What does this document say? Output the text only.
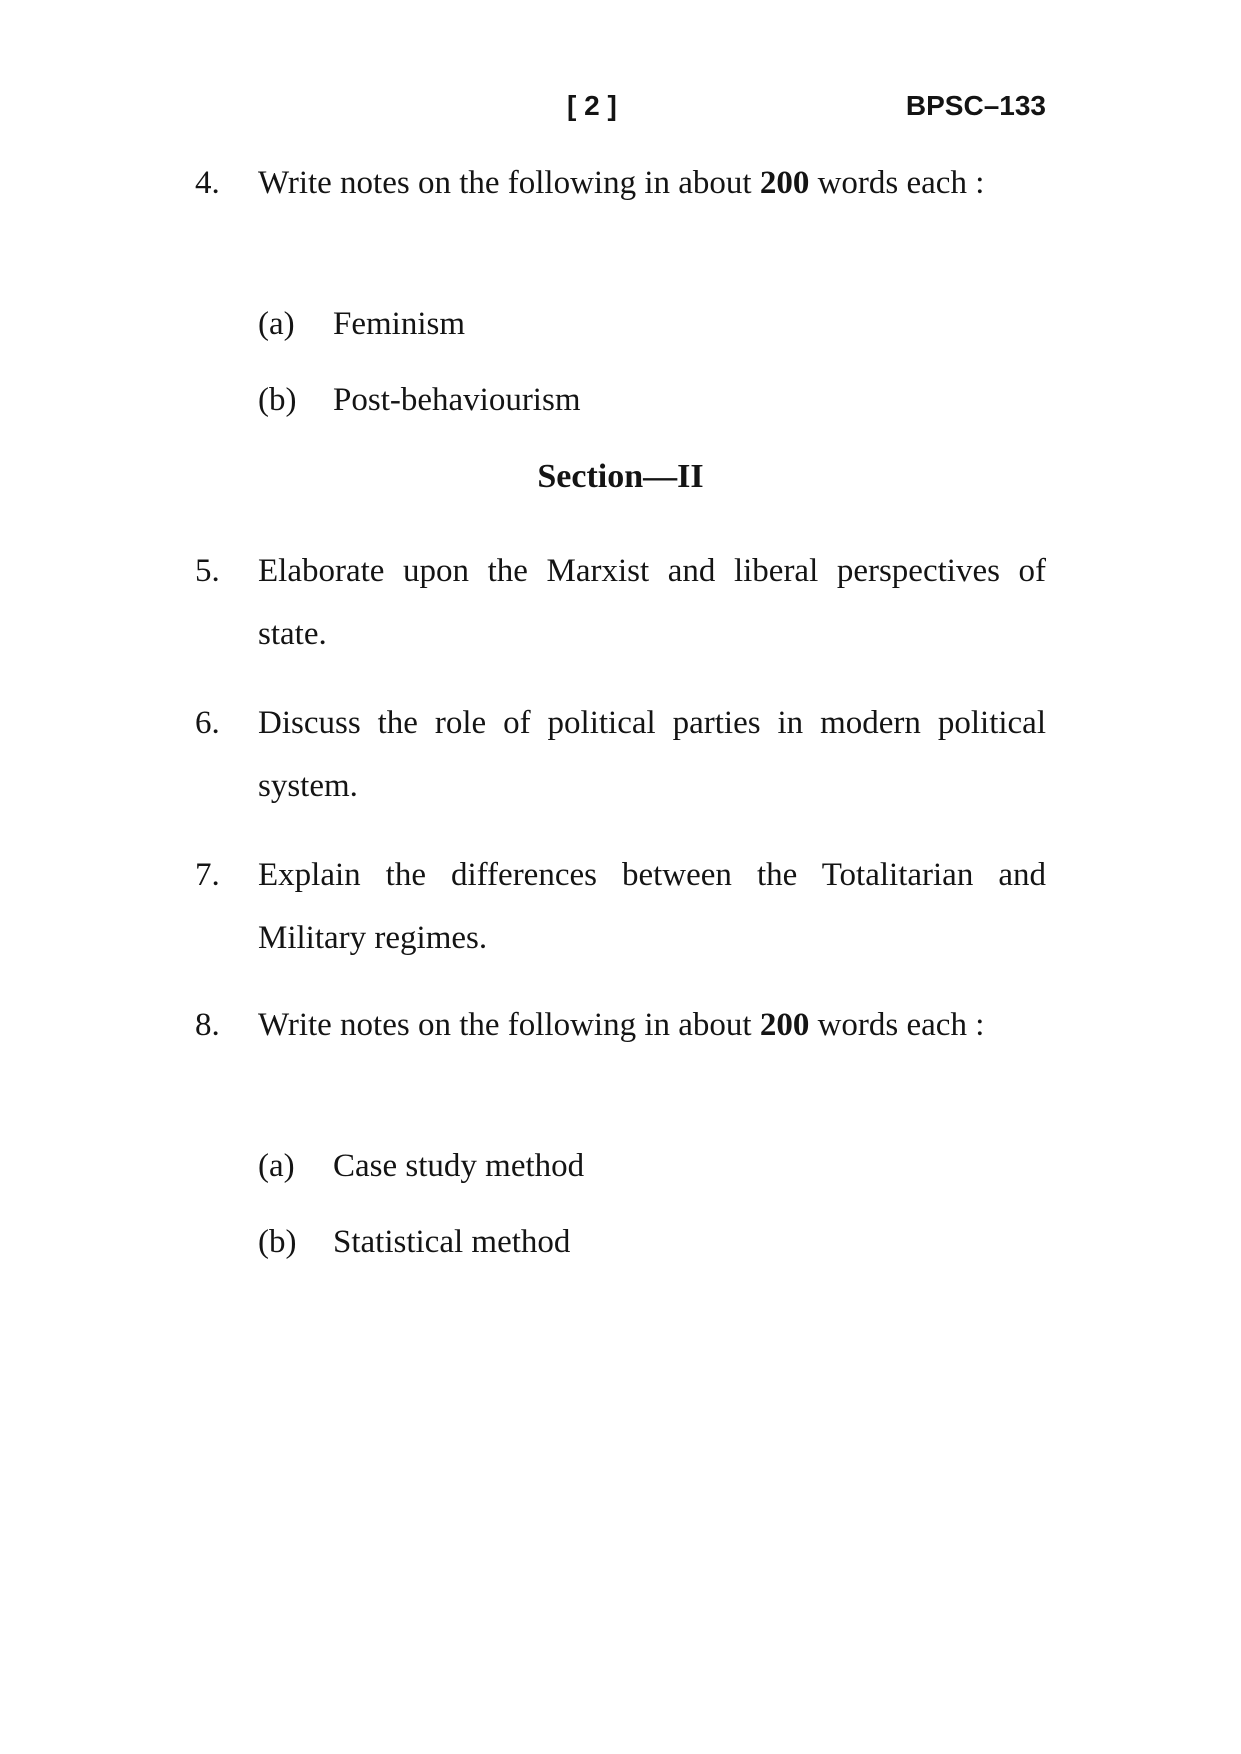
[ 2 ]	BPSC–133
4. Write notes on the following in about 200 words each :
(a) Feminism
(b) Post-behaviourism
Section—II
5. Elaborate upon the Marxist and liberal perspectives of state.
6. Discuss the role of political parties in modern political system.
7. Explain the differences between the Totalitarian and Military regimes.
8. Write notes on the following in about 200 words each :
(a) Case study method
(b) Statistical method
